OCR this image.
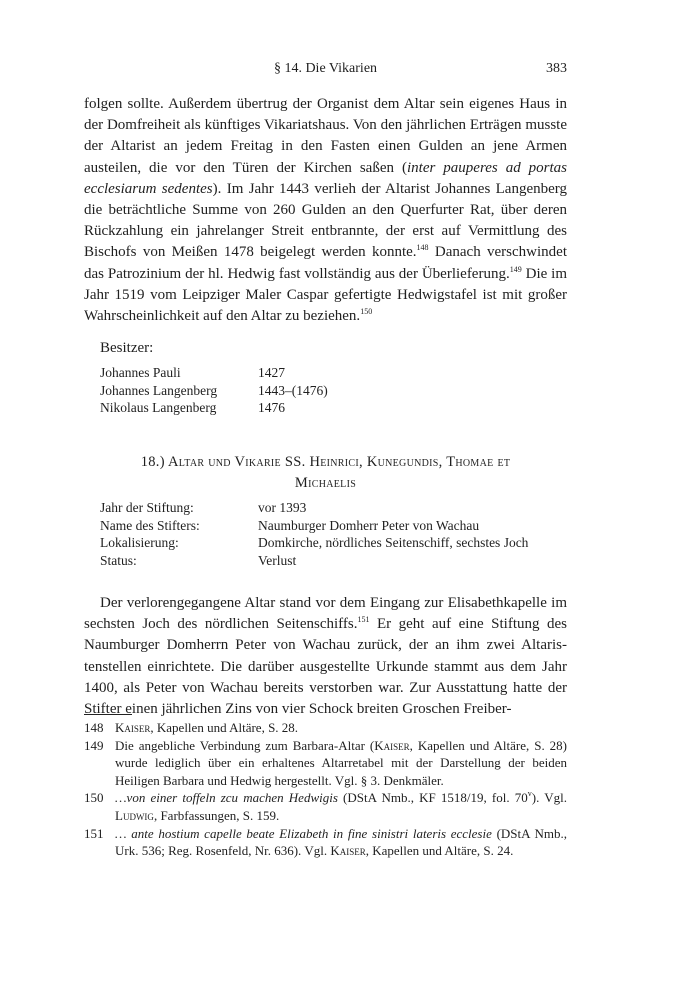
§ 14. Die Vikarien	383

folgen sollte. Außerdem übertrug der Organist dem Altar sein eigenes Haus in der Domfreiheit als künftiges Vikariatshaus. Von den jährlichen Erträgen musste der Altarist an jedem Freitag in den Fasten einen Gulden an jene Armen austeilen, die vor den Türen der Kirchen saßen (inter pauperes ad portas ecclesiarum sedentes). Im Jahr 1443 verlieh der Altarist Johannes Langenberg die beträchtliche Summe von 260 Gulden an den Querfurter Rat, über deren Rückzahlung ein jahrelanger Streit entbrannte, der erst auf Vermittlung des Bischofs von Meißen 1478 beigelegt werden konnte.$^{148}$ Danach verschwindet das Patrozinium der hl. Hedwig fast vollständig aus der Überlieferung.$^{149}$ Die im Jahr 1519 vom Leipziger Maler Caspar gefertigte Hedwigstafel ist mit großer Wahrscheinlichkeit auf den Altar zu beziehen.$^{150}$

Besitzer:
Johannes Pauli	1427
Johannes Langenberg	1443–(1476)
Nikolaus Langenberg	1476
18.) Altar und Vikarie SS. Heinrici, Kunegundis, Thomae et
Michaelis
Jahr der Stiftung:	vor 1393
Name des Stifters:	Naumburger Domherr Peter von Wachau
Lokalisierung:	Domkirche, nördliches Seitenschiff, sechstes Joch
Status:	Verlust

Der verlorengegangene Altar stand vor dem Eingang zur Elisabethkapelle im sechsten Joch des nördlichen Seitenschiffs.$^{151}$ Er geht auf eine Stiftung des Naumburger Domherrn Peter von Wachau zurück, der an ihm zwei Altaristenstellen einrichtete. Die darüber ausgestellte Urkunde stammt aus dem Jahr 1400, als Peter von Wachau bereits verstorben war. Zur Ausstattung hatte der Stifter einen jährlichen Zins von vier Schock breiten Groschen Freiber-

148 Kaiser, Kapellen und Altäre, S. 28.
149 Die angebliche Verbindung zum Barbara-Altar (Kaiser, Kapellen und Altäre, S. 28) wurde lediglich über ein erhaltenes Altarretabel mit der Darstellung der beiden Heiligen Barbara und Hedwig hergestellt. Vgl. § 3. Denkmäler.
150 …von einer toffeln zcu machen Hedwigis (DStA Nmb., KF 1518/19, fol. 70$^v$). Vgl. Ludwig, Farbfassungen, S. 159.
151 … ante hostium capelle beate Elizabeth in fine sinistri lateris ecclesie (DStA Nmb., Urk. 536; Reg. Rosenfeld, Nr. 636). Vgl. Kaiser, Kapellen und Altäre, S. 24.
